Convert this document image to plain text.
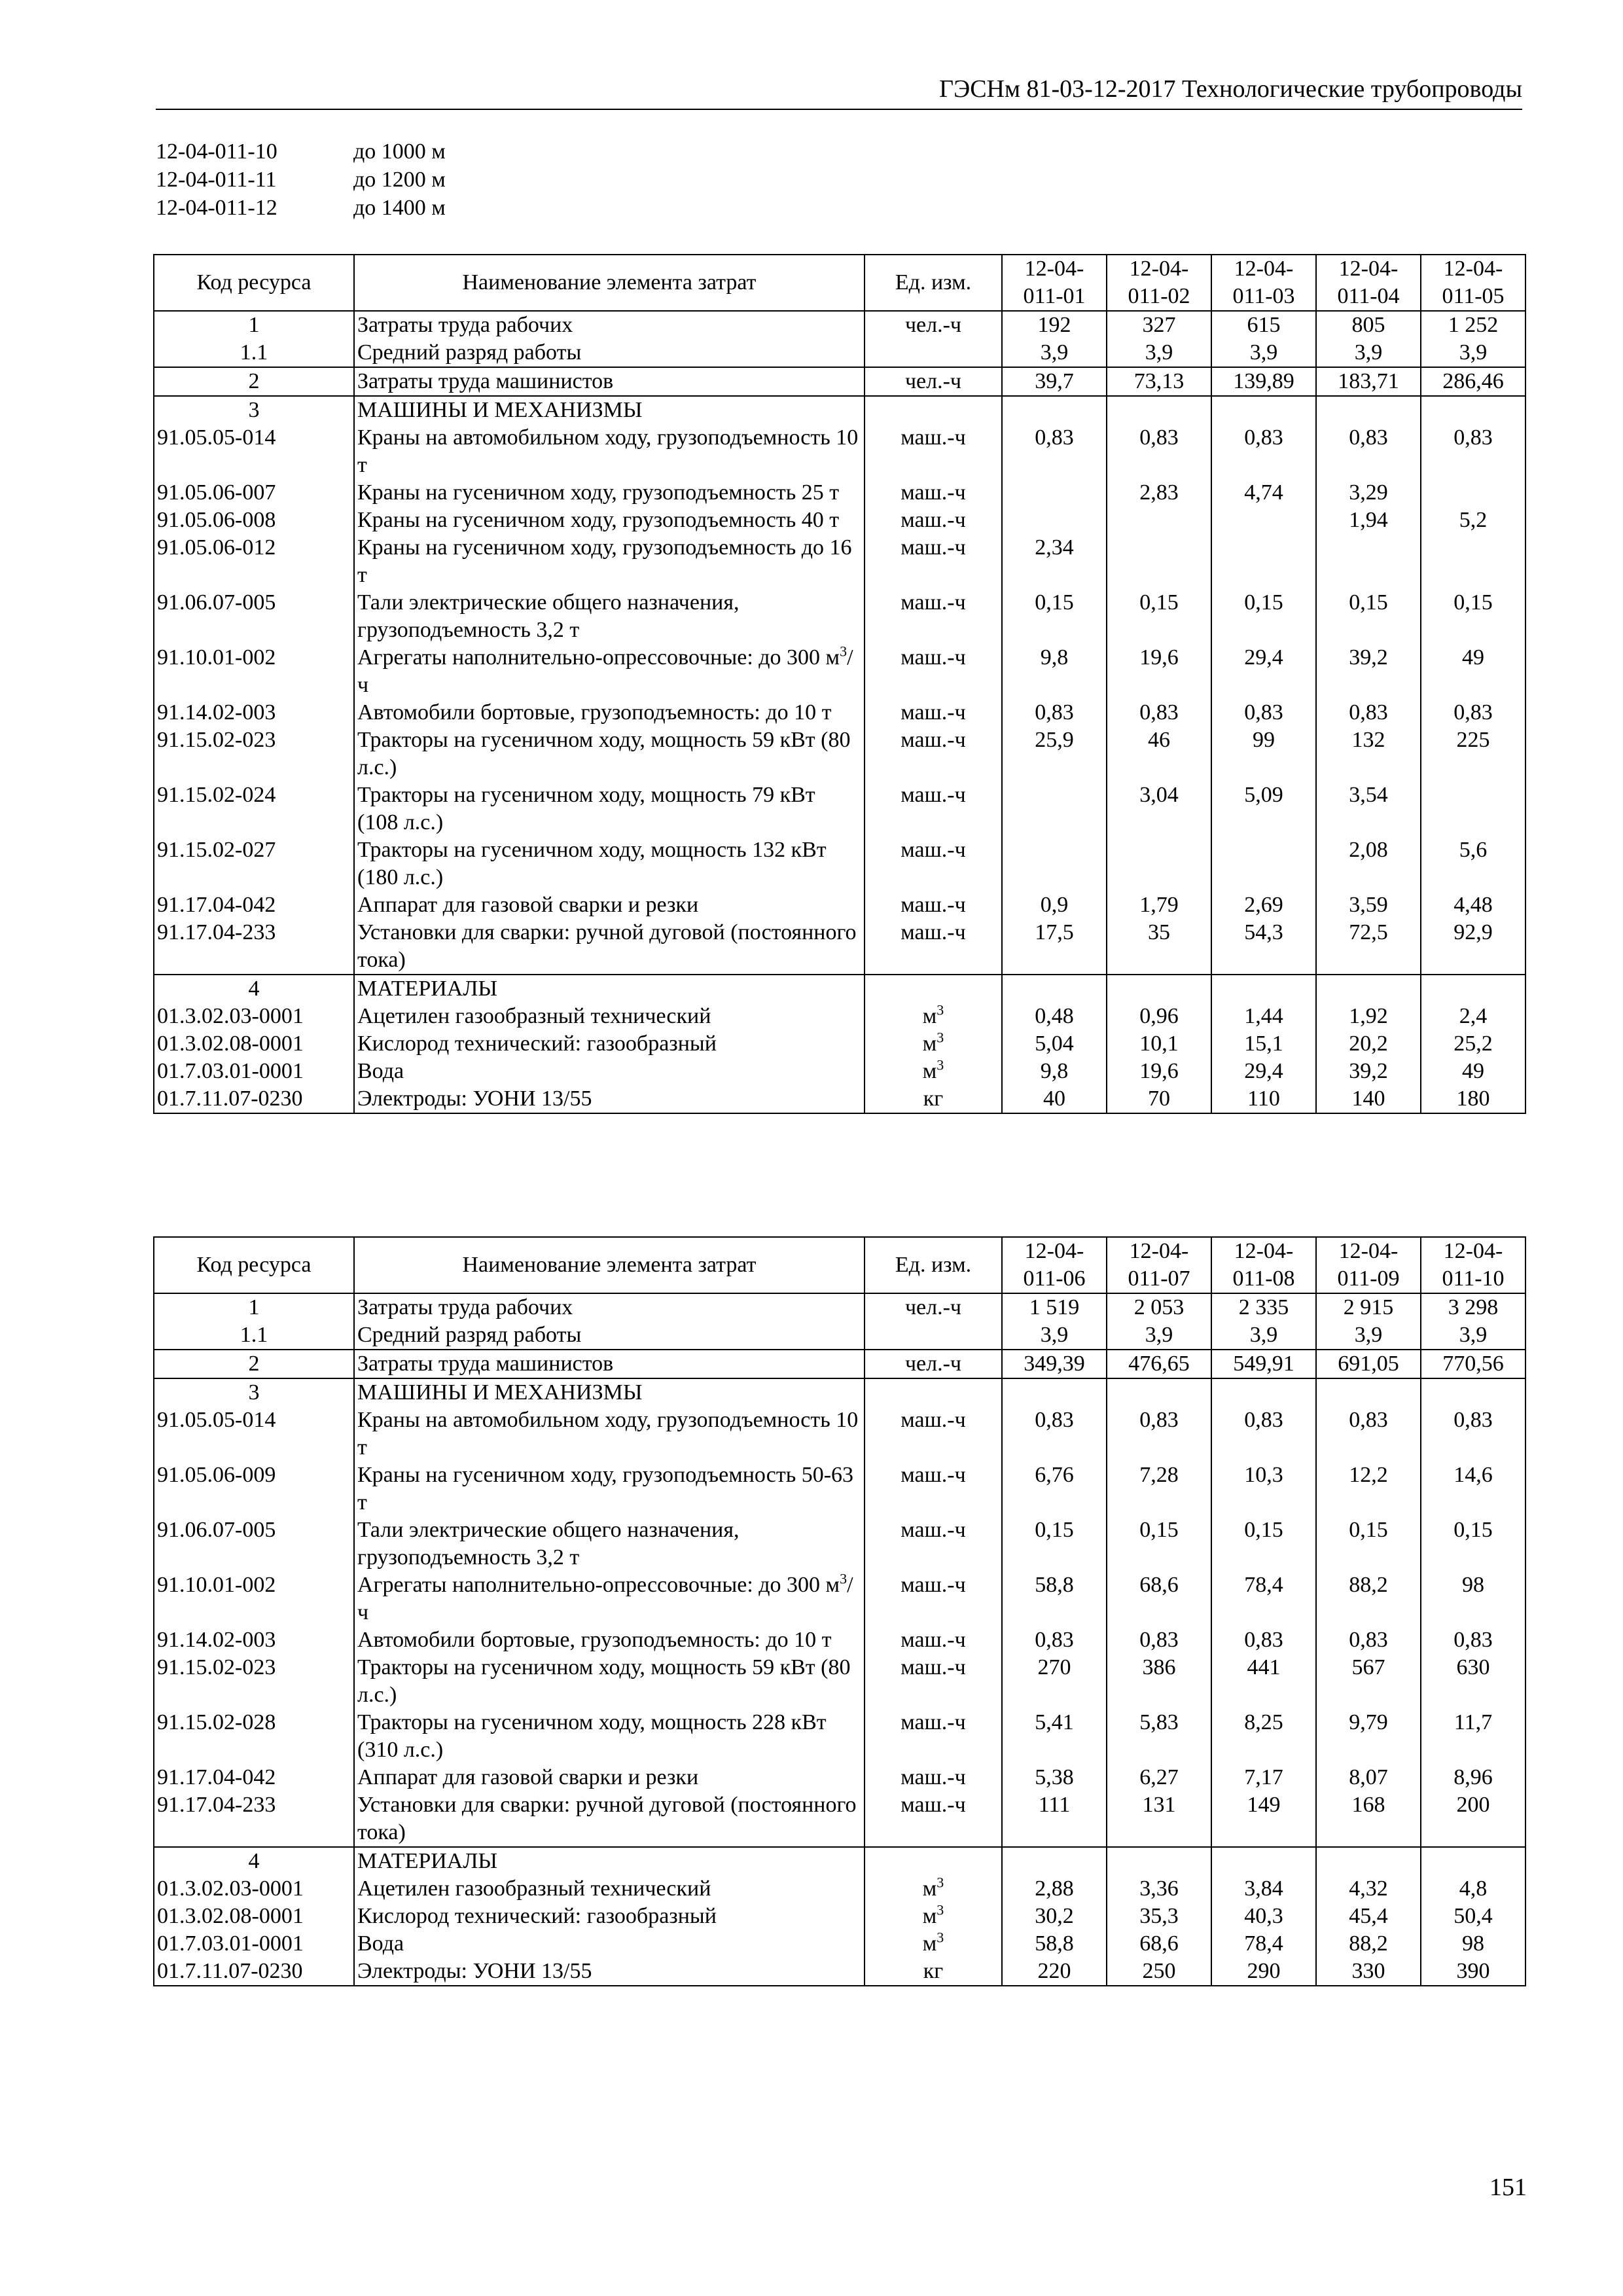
ГЭСНм 81-03-12-2017 Технологические трубопроводы
12-04-011-10	до 1000 м
12-04-011-11	до 1200 м
12-04-011-12	до 1400 м
Код ресурса	Наименование элемента затрат	Ед. изм.	12-04-011-01	12-04-011-02	12-04-011-03	12-04-011-04	12-04-011-05
1	Затраты труда рабочих	чел.-ч	192	327	615	805	1 252
1.1	Средний разряд работы		3,9	3,9	3,9	3,9	3,9
2	Затраты труда машинистов	чел.-ч	39,7	73,13	139,89	183,71	286,46
3	МАШИНЫ И МЕХАНИЗМЫ						
91.05.05-014	Краны на автомобильном ходу, грузоподъемность 10 т	маш.-ч	0,83	0,83	0,83	0,83	0,83
91.05.06-007	Краны на гусеничном ходу, грузоподъемность 25 т	маш.-ч		2,83	4,74	3,29	
91.05.06-008	Краны на гусеничном ходу, грузоподъемность 40 т	маш.-ч				1,94	5,2
91.05.06-012	Краны на гусеничном ходу, грузоподъемность до 16 т	маш.-ч	2,34				
91.06.07-005	Тали электрические общего назначения, грузоподъемность 3,2 т	маш.-ч	0,15	0,15	0,15	0,15	0,15
91.10.01-002	Агрегаты наполнительно-опрессовочные: до 300 $м^3/ч$	маш.-ч	9,8	19,6	29,4	39,2	49
91.14.02-003	Автомобили бортовые, грузоподъемность: до 10 т	маш.-ч	0,83	0,83	0,83	0,83	0,83
91.15.02-023	Тракторы на гусеничном ходу, мощность 59 кВт (80 л.с.)	маш.-ч	25,9	46	99	132	225
91.15.02-024	Тракторы на гусеничном ходу, мощность 79 кВт (108 л.с.)	маш.-ч		3,04	5,09	3,54	
91.15.02-027	Тракторы на гусеничном ходу, мощность 132 кВт (180 л.с.)	маш.-ч				2,08	5,6
91.17.04-042	Аппарат для газовой сварки и резки	маш.-ч	0,9	1,79	2,69	3,59	4,48
91.17.04-233	Установки для сварки: ручной дуговой (постоянного тока)	маш.-ч	17,5	35	54,3	72,5	92,9
4	МАТЕРИАЛЫ						
01.3.02.03-0001	Ацетилен газообразный технический	$м^3$	0,48	0,96	1,44	1,92	2,4
01.3.02.08-0001	Кислород технический: газообразный	$м^3$	5,04	10,1	15,1	20,2	25,2
01.7.03.01-0001	Вода	$м^3$	9,8	19,6	29,4	39,2	49
01.7.11.07-0230	Электроды: УОНИ 13/55	кг	40	70	110	140	180
Код ресурса	Наименование элемента затрат	Ед. изм.	12-04-011-06	12-04-011-07	12-04-011-08	12-04-011-09	12-04-011-10
1	Затраты труда рабочих	чел.-ч	1 519	2 053	2 335	2 915	3 298
1.1	Средний разряд работы		3,9	3,9	3,9	3,9	3,9
2	Затраты труда машинистов	чел.-ч	349,39	476,65	549,91	691,05	770,56
3	МАШИНЫ И МЕХАНИЗМЫ						
91.05.05-014	Краны на автомобильном ходу, грузоподъемность 10 т	маш.-ч	0,83	0,83	0,83	0,83	0,83
91.05.06-009	Краны на гусеничном ходу, грузоподъемность 50-63 т	маш.-ч	6,76	7,28	10,3	12,2	14,6
91.06.07-005	Тали электрические общего назначения, грузоподъемность 3,2 т	маш.-ч	0,15	0,15	0,15	0,15	0,15
91.10.01-002	Агрегаты наполнительно-опрессовочные: до 300 $м^3/ч$	маш.-ч	58,8	68,6	78,4	88,2	98
91.14.02-003	Автомобили бортовые, грузоподъемность: до 10 т	маш.-ч	0,83	0,83	0,83	0,83	0,83
91.15.02-023	Тракторы на гусеничном ходу, мощность 59 кВт (80 л.с.)	маш.-ч	270	386	441	567	630
91.15.02-028	Тракторы на гусеничном ходу, мощность 228 кВт (310 л.с.)	маш.-ч	5,41	5,83	8,25	9,79	11,7
91.17.04-042	Аппарат для газовой сварки и резки	маш.-ч	5,38	6,27	7,17	8,07	8,96
91.17.04-233	Установки для сварки: ручной дуговой (постоянного тока)	маш.-ч	111	131	149	168	200
4	МАТЕРИАЛЫ						
01.3.02.03-0001	Ацетилен газообразный технический	$м^3$	2,88	3,36	3,84	4,32	4,8
01.3.02.08-0001	Кислород технический: газообразный	$м^3$	30,2	35,3	40,3	45,4	50,4
01.7.03.01-0001	Вода	$м^3$	58,8	68,6	78,4	88,2	98
01.7.11.07-0230	Электроды: УОНИ 13/55	кг	220	250	290	330	390
151
